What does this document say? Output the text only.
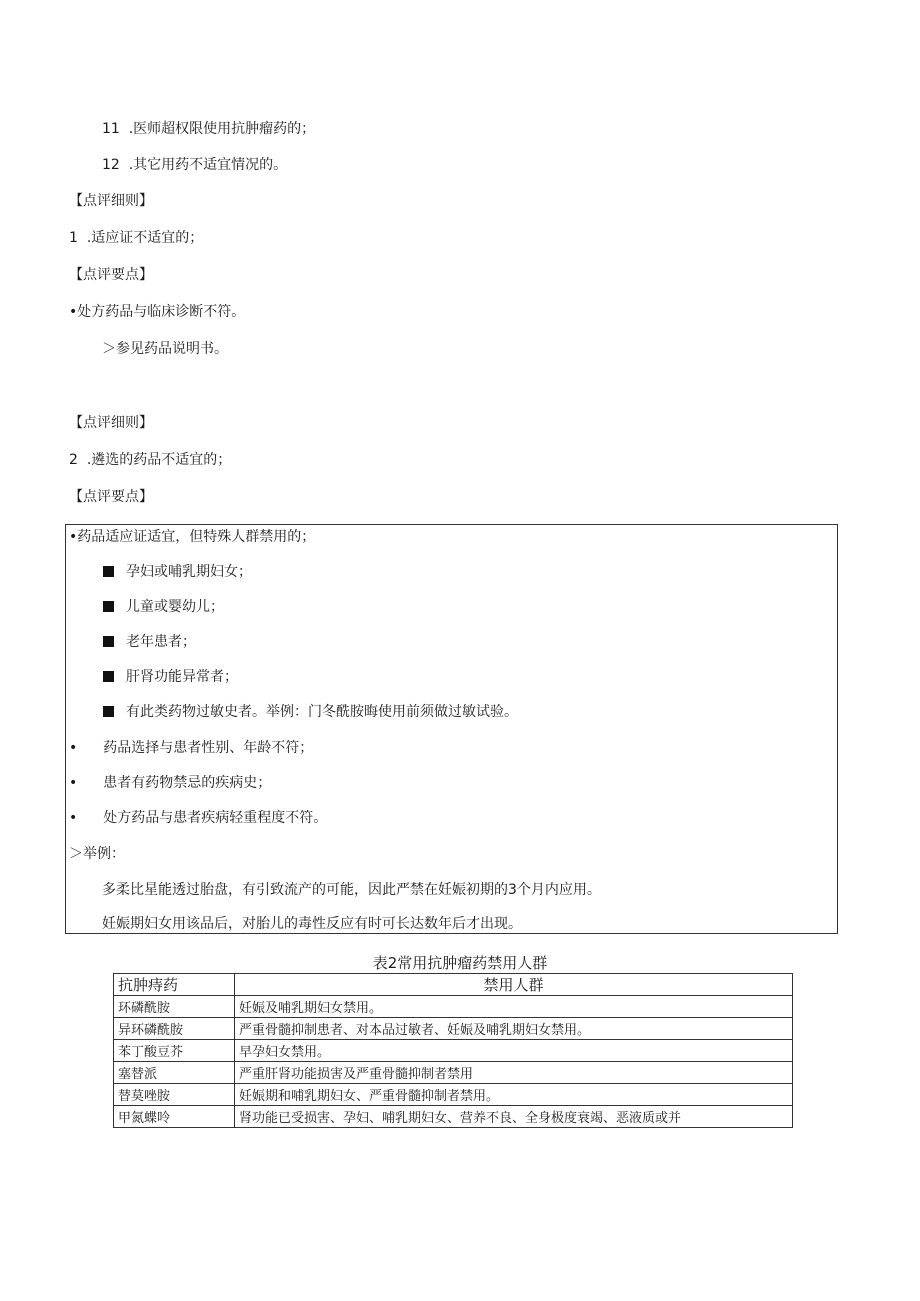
11 .医师超权限使用抗肿瘤药的；
12 .其它用药不适宜情况的。
【点评细则】
1 .适应证不适宜的；
【点评要点】
•处方药品与临床诊断不符。
＞参见药品说明书。
【点评细则】
2 .遴选的药品不适宜的；
【点评要点】
•药品适应证适宜，但特殊人群禁用的；
孕妇或哺乳期妇女；
儿童或婴幼儿；
老年患者；
肝肾功能异常者；
有此类药物过敏史者。举例：门冬酰胺晦使用前须做过敏试验。
• 药品选择与患者性别、年龄不符；
• 患者有药物禁忌的疾病史；
• 处方药品与患者疾病轻重程度不符。
＞举例：
多柔比星能透过胎盘，有引致流产的可能，因此严禁在妊娠初期的3个月内应用。
妊娠期妇女用该品后，对胎儿的毒性反应有时可长达数年后才出现。
表2常用抗肿瘤药禁用人群
抗肿痔药	禁用人群
环磷酰胺	妊娠及哺乳期妇女禁用。
异环磷酰胺	严重骨髓抑制患者、对本品过敏者、妊娠及哺乳期妇女禁用。
苯丁酸豆芥	早孕妇女禁用。
塞替派	严重肝肾功能损害及严重骨髓抑制者禁用
替莫唑胺	妊娠期和哺乳期妇女、严重骨髓抑制者禁用。
甲氮蝶呤	肾功能已受损害、孕妇、哺乳期妇女、营养不良、全身极度衰竭、恶液质或并
